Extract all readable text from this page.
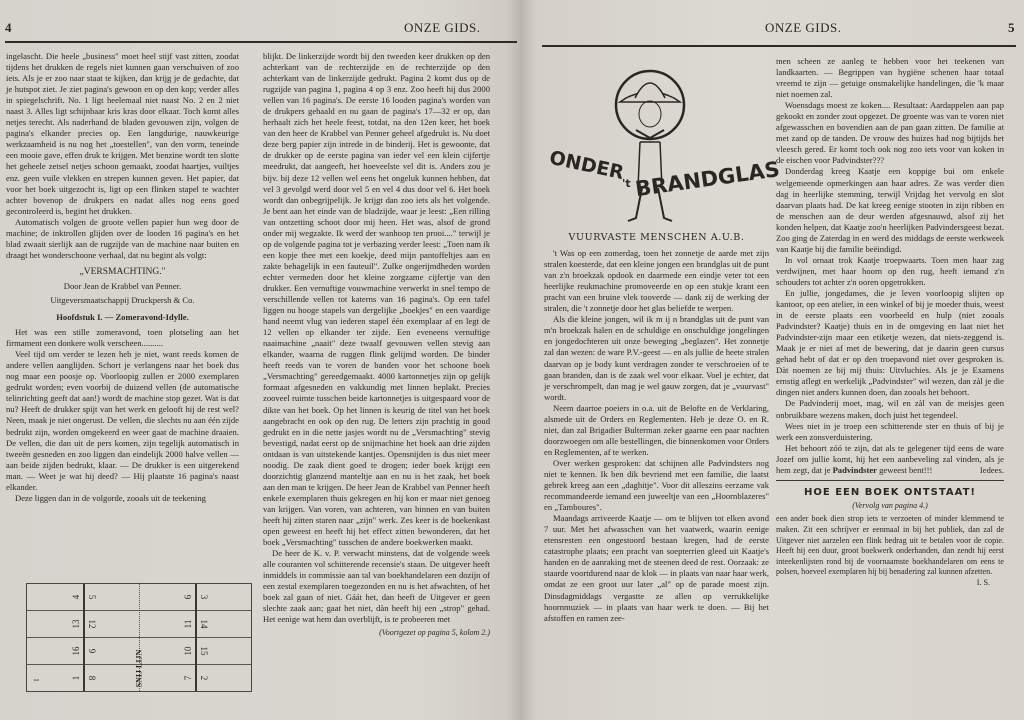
4	ONZE GIDS.

ingelascht. Die heele „business" moet heel stijf vast zitten, zoodat tijdens het drukken de regels niet kunnen gaan verschuiven of zoo iets. Als je er zoo naar staat te kijken, dan krijg je de gedachte, dat je hutspot ziet. Je ziet pagina's gewoon en op den kop; verder alles in spiegelschrift. No. 1 ligt heelemaal niet naast No. 2 en 2 niet naast 3. Alles ligt schijnbaar kris kras door elkaar. Toch komt alles netjes terecht. Als naderhand de bladen gevouwen zijn, volgen de pagina's elkander precies op. Een langdurige, nauwkeurige werkzaamheid is nu nog het „toestellen", van den vorm, teneinde een mooie gave, effen druk te krijgen. Met benzine wordt ten slotte het geheele zetsel netjes schoon gemaakt, zoodat haartjes, vuiltjes enz. geen vuile vlekken en strepen kunnen geven. Het papier, dat voor het boek uitgezocht is, ligt op een flinken stapel te wachter achter bovenop de drukpers en nadat alles nog eens goed gecontroleerd is, begint het drukken.

Automatisch volgen de groote vellen papier hun weg door de machine; de inktrollen glijden over de looden 16 pagina's en het blad zwaait sierlijk aan de rugzijde van de machine naar buiten en draagt het wonderschoone verhaal, dat nu begint als volgt:

„VERSMACHTING."
Door Jean de Krabbel van Penner.
Uitgeversmaatschappij Druckpersh & Co.
Hoofdstuk I. — Zomeravond-Idylle.

Het was een stille zomeravond, toen plotseling aan het firmament een donkere wolk verscheen..........

Veel tijd om verder te lezen heb je niet, want reeds komen de andere vellen aanglijden. Schort je verlangens naar het boek dus nog maar een poosje op. Voorloopig zullen er 2000 exemplaren gedrukt worden; even voorbij de duizend vellen (de automatische telinrichting geeft dat aan!) wordt de machine stop gezet. Wat is dat nu? Heeft de drukker spijt van het werk en gelooft hij de rest wel? Neen, maak je niet ongerust. De vellen, die slechts nu aan één zijde bedrukt zijn, worden omgekeerd en weer gaat de machine draaien. De vellen, die dan uit de pers komen, zijn tegelijk automatisch in tweeën gesneden en zoo liggen dan eindelijk 2000 halve vellen — aan beide zijden bedrukt, klaar. — De drukker is een uitgerekend man. — Weet je wat hij deed? — Hij plaatste 16 pagina's naast elkander.

Deze liggen dan in de volgorde, zooals uit de teekening

1
4 5	6 3
13 12	11 14
16 9	10 15
1 8	7 2
SNIJ LIJN

blijkt. De linkerzijde wordt bij den tweeden keer drukken op den achterkant van de rechterzijde en de rechterzijde op den achterkant van de linkerzijde gedrukt. Pagina 2 komt dus op de rugzijde van pagina 1, pagina 4 op 3 enz. Zoo heeft hij dus 2000 vellen van 16 pagina's. De eerste 16 looden pagina's worden van de drukpers gehaald en nu gaan de pagina's 17—32 er op, dan herhaalt zich het heele feest, totdat, na den 12en keer, het boek van den heer de Krabbel van Penner geheel afgedrukt is. Nu doet deze berg papier zijn intrede in de binderij. Het is gewoonte, dat de drukker op de eerste pagina van ieder vel een klein cijfertje meedrukt, dat aangeeft, het hoeveelste vel dit is. Anders zou je bijv. bij deze 12 vellen wel eens het ongeluk kunnen hebben, dat vel 3 gevolgd werd door vel 5 en vel 4 dus door vel 6. Het boek wordt dan onbegrijpelijk. Je krijgt dan zoo iets als het volgende. Je bent aan het einde van de bladzijde, waar je leest: „Een rilling van ontzetting schoot door mij heen. Het was, alsof de grond onder mij wegzakte. Ik werd der wanhoop ten prooi...." terwijl je op de volgende pagina tot je verbazing verder leest: „Toen nam ik een kopje thee met een koekje, deed mijn pantoffeltjes aan en zakte behagelijk in een fauteuil". Zulke ongerijmdheden worden echter vermeden door het kleine zorgzame cijfertje van den drukker. Een vernuftige vouwmachine verwerkt in snel tempo de verschillende vellen tot katerns van 16 pagina's. Op een tafel liggen nu hooge stapels van dergelijke „boekjes" en een vaardige hand neemt vlug van iederen stapel één exemplaar af en legt de 12 vellen op elkander ter zijde. Een eveneens vernuftige naaimachine „naait" deze twaalf gevouwen vellen stevig aan elkander, waarna de ruggen flink gelijmd worden. De binder heeft reeds van te voren de banden voor het schoone boek „Versmachting" gereedgemaakt. 4000 kartonnetjes zijn op gelijk formaat afgesneden en vakkundig met linnen beplakt. Precies zooveel ruimte tusschen beide kartonnetjes is uitgespaard voor de dikte van het boek. Op het linnen is keurig de titel van het boek aangebracht en ook op den rug. De letters zijn prachtig in goud gedrukt en in die nette jasjes wordt nu de „Versmachting" stevig bevestigd, nadat eerst op de snijmachine het boek aan drie zijden ontdaan is van uitstekende kantjes. Opensnijden is dus niet meer noodig. De zaak dient goed te drogen; ieder boek krijgt een doorzichtig glanzend manteltje aan en nu is het zaak, het boek aan den man te krijgen. De heer Jean de Krabbel van Penner heeft enkele exemplaren thuis gekregen en hij kon er maar niet genoeg van krijgen. Van voren, van achteren, van binnen en van buiten heeft hij zitten staren naar „zijn" werk. Zes keer is de boekenkast open geweest en heeft hij het effect zitten bewonderen, dat het boek „Versmachting" tusschen de andere boekwerken maakt.

De heer de K. v. P. verwacht minstens, dat de volgende week alle couranten vol schitterende recensie's staan. De uitgever heeft inmiddels in commissie aan tal van boekhandelaren een dozijn of een zestal exemplaren toegezonden en nu is het afwachten, of het boek zal gaan of niet. Gáát het, dan heeft de Uitgever er geen slechte zaak aan; gaat het niet, dàn heeft hij een „strop" gehad. Het eenige wat hem dan overblijft, is te probeeren met

(Voortgezet op pagina 5, kolom 2.)
ONZE GIDS.	5
ONDER
't BRANDGLAS
VUURVASTE MENSCHEN A.U.B.

't Was op een zomerdag, toen het zonnetje de aarde met zijn stralen koesterde, dat een kleine jongen een brandglas uit de punt van z'n broekzak opdook en daarmede een eindje veter tot een heerlijke reukmachine promoveerde en op een stukje krant een pracht van een bruine vlek tooverde — dank zij de werking der stralen, die 't zonnetje door het glas beliefde te werpen.

Als die kleine jongen, wil ik m ij n brandglas uit de punt van m'n broekzak halen en de schuldige en onschuldige jongelingen en jongedochteren uit onze beweging „beglazen". Het zonnetje zal dan wezen: de ware P.V.-geest — en als jullie de heete stralen daarvan op je body kunt verdragen zonder te verschroeien of te gaan branden, dan is de zaak wel voor elkaar. Voel je echter, dat je verschrompelt, dan mag je wel gauw zorgen, dat je „vuurvast" wordt.

Neem daartoe poeiers in o.a. uit de Belofte en de Verklaring, alsmede uit de Orders en Reglementen. Heb je deze O. en R. niet, dan zal Brigadier Bulterman zeker gaarne een paar nachten doorzwoegen om alle bestellingen, die binnenkomen voor Orders en Reglementen, af te werken.

Over werken gesproken: dat schijnen alle Padvindsters nog niet te kennen. Ik ben dik bevriend met een familie, die laatst gebrek kreeg aan een „daghitje". Voor dit alleszins eerzame vak recommandeerde iemand een juweeltje van een „Hoornblazeres" en „Tamboures".

Maandags arriveerde Kaatje — om te blijven tot elken avond 7 uur. Met het afwasschen van het vaatwerk, waarin eenige etensresten een ongestoord bestaan kregen, had de eerste catastrophe plaats; een pracht van soepterrien gleed uit Kaatje's handen en de aanraking met de steenen deed de rest. Oorzaak: ze staarde voortdurend naar de klok — in plaats van naar haar werk, omdat ze een groot uur later „al" op de parade moest zijn. Dinsdagmiddags vergastte ze allen op verrukkelijke hoornmuziek — in plaats van haar werk te doen. — Bij het afstoffen en ramen zee-

men scheen ze aanleg te hebben voor het teekenen van landkaarten. — Begrippen van hygiëne schenen haar totaal vreemd te zijn — getuige onsmakelijke handelingen, die 'k maar niet noemen zal.

Woensdags moest ze koken.... Resultaat: Aardappelen aan pap gekookt en zonder zout opgezet. De groente was van te voren niet afgewasschen en bovendien aan de pan gaan zitten. De familie at met zand op de tanden. De vrouw des huizes had nog bijtijds het vleesch gered. Er komt toch ook nog zoo iets voor van koken in de eischen voor Padvindster???

Donderdag kreeg Kaatje een koppige bui om enkele welgemeende opmerkingen aan haar adres. Ze was verder dien dag in heerlijke stemming, terwijl Vrijdag het vervolg en slot daarvan plaats had. De kat kreeg eenige stooten in zijn ribben en de menschen aan de deur werden afgesnauwd, alsof zij het konden helpen, dat Kaatje zoo'n heerlijken Padvindersgeest bezat. Zoo ging de Zaterdag in en werd des middags de eerste werkweek van Kaatje bij die familie beëindigd.

In vol ornaat trok Kaatje troepwaarts. Toen men haar zag verdwijnen, met haar hoorn op den rug, heeft iemand z'n schouders tot achter z'n ooren opgetrokken.

En jullie, jongedames, die je leven voorloopig slijten op kantoor, op een atelier, in een winkel of bij je moeder thuis, weest in de eerste plaats een voorbeeld en hulp (niet zooals Padvindster? Kaatje) thuis en in de omgeving en laat niet het Padvindster-zijn maar een etiketje wezen, dat niets-zeggend is. Maak je er niet af met de bewering, dat je daarin geen cursus gehad hebt of dat er op den troepavond niet over gesproken is. Dàt noemen ze bij mij thuis: Uitvluchies. Als je je Examens ernstig aflegt en werkelijk „Padvindster" wil wezen, dan zàl je die dingen niet anders kunnen doen, dan zooals het behoort.

De Padvinderij moet, mag, wil en zàl van de meisjes geen onbruikbare wezens maken, doch juist het tegendeel.

Wees niet in je troep een schitterende ster en thuis of bij je werk een zonsverduistering.

Het behoort zóó te zijn, dat als te gelegener tijd eens de ware Jozef om jullie komt, hij het een aanbeveling zal vinden, als je hem zegt, dat je Padvindster geweest bent!!!	Iedees.

HOE EEN BOEK ONTSTAAT!
(Vervolg van pagina 4.)
een ander boek dien strop iets te verzoeten of minder klemmend te maken. Zit een schrijver er eenmaal in bij het publiek, dan zal de Uitgever niet aarzelen een flink bedrag uit te betalen voor de copie. Heeft hij een duur, groot boekwerk onderhanden, dan zendt hij eerst inteekenlijsten rond bij de voornaamste boekhandelaren om eens te polsen, hoeveel exemplaren hij bij benadering zal kunnen afzetten.
I. S.
